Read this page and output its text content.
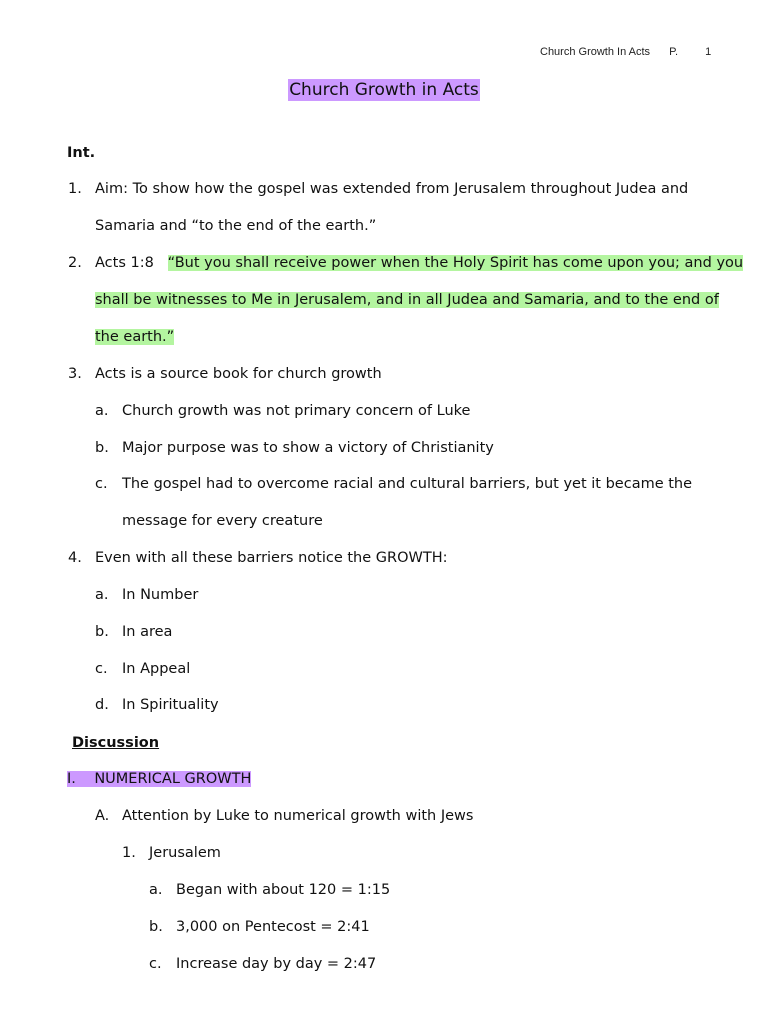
Church Growth In Acts P. 1
Church Growth in Acts
Int.
1. Aim: To show how the gospel was extended from Jerusalem throughout Judea and
Samaria and “to the end of the earth.”
2. Acts 1:8 “But you shall receive power when the Holy Spirit has come upon you; and you
shall be witnesses to Me in Jerusalem, and in all Judea and Samaria, and to the end of
the earth.”
3. Acts is a source book for church growth
a. Church growth was not primary concern of Luke
b. Major purpose was to show a victory of Christianity
c. The gospel had to overcome racial and cultural barriers, but yet it became the
message for every creature
4. Even with all these barriers notice the GROWTH:
a. In Number
b. In area
c. In Appeal
d. In Spirituality
Discussion
I. NUMERICAL GROWTH
A. Attention by Luke to numerical growth with Jews
1. Jerusalem
a. Began with about 120 = 1:15
b. 3,000 on Pentecost = 2:41
c. Increase day by day = 2:47
